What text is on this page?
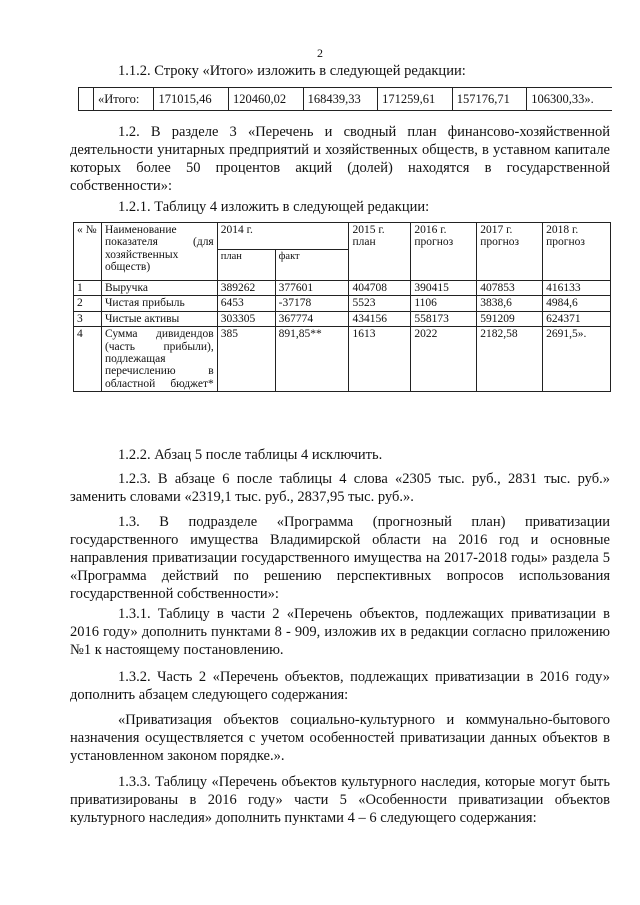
2

1.1.2. Строку «Итого» изложить в следующей редакции:

	«Итого:	171015,46	120460,02	168439,33	171259,61	157176,71	106300,33».

1.2. В разделе 3 «Перечень и сводный план финансово-хозяйственной деятельности унитарных предприятий и хозяйственных обществ, в уставном капитале которых более 50 процентов акций (долей) находятся в государственной собственности»:

1.2.1. Таблицу 4 изложить в следующей редакции:

« №	Наименование показателя (для хозяйственных обществ)	2014 г.		2015 г. план	2016 г. прогноз	2017 г. прогноз	2018 г. прогноз
		план	факт				
1	Выручка	389262	377601	404708	390415	407853	416133
2	Чистая прибыль	6453	-37178	5523	1106	3838,6	4984,6
3	Чистые активы	303305	367774	434156	558173	591209	624371
4	Сумма дивидендов (часть прибыли), подлежащая перечислению в областной бюджет*	385	891,85**	1613	2022	2182,58	2691,5».

1.2.2. Абзац 5 после таблицы 4 исключить.

1.2.3. В абзаце 6 после таблицы 4 слова «2305 тыс. руб., 2831 тыс. руб.» заменить словами «2319,1 тыс. руб., 2837,95 тыс. руб.».

1.3. В подразделе «Программа (прогнозный план) приватизации государственного имущества Владимирской области на 2016 год и основные направления приватизации государственного имущества на 2017-2018 годы» раздела 5 «Программа действий по решению перспективных вопросов использования государственной собственности»:

1.3.1. Таблицу в части 2 «Перечень объектов, подлежащих приватизации в 2016 году» дополнить пунктами 8 - 909, изложив их в редакции согласно приложению №1 к настоящему постановлению.

1.3.2. Часть 2 «Перечень объектов, подлежащих приватизации в 2016 году» дополнить абзацем следующего содержания:

«Приватизация объектов социально-культурного и коммунально-бытового назначения осуществляется с учетом особенностей приватизации данных объектов в установленном законом порядке.».

1.3.3. Таблицу «Перечень объектов культурного наследия, которые могут быть приватизированы в 2016 году» части 5 «Особенности приватизации объектов культурного наследия» дополнить пунктами 4 – 6 следующего содержания:
